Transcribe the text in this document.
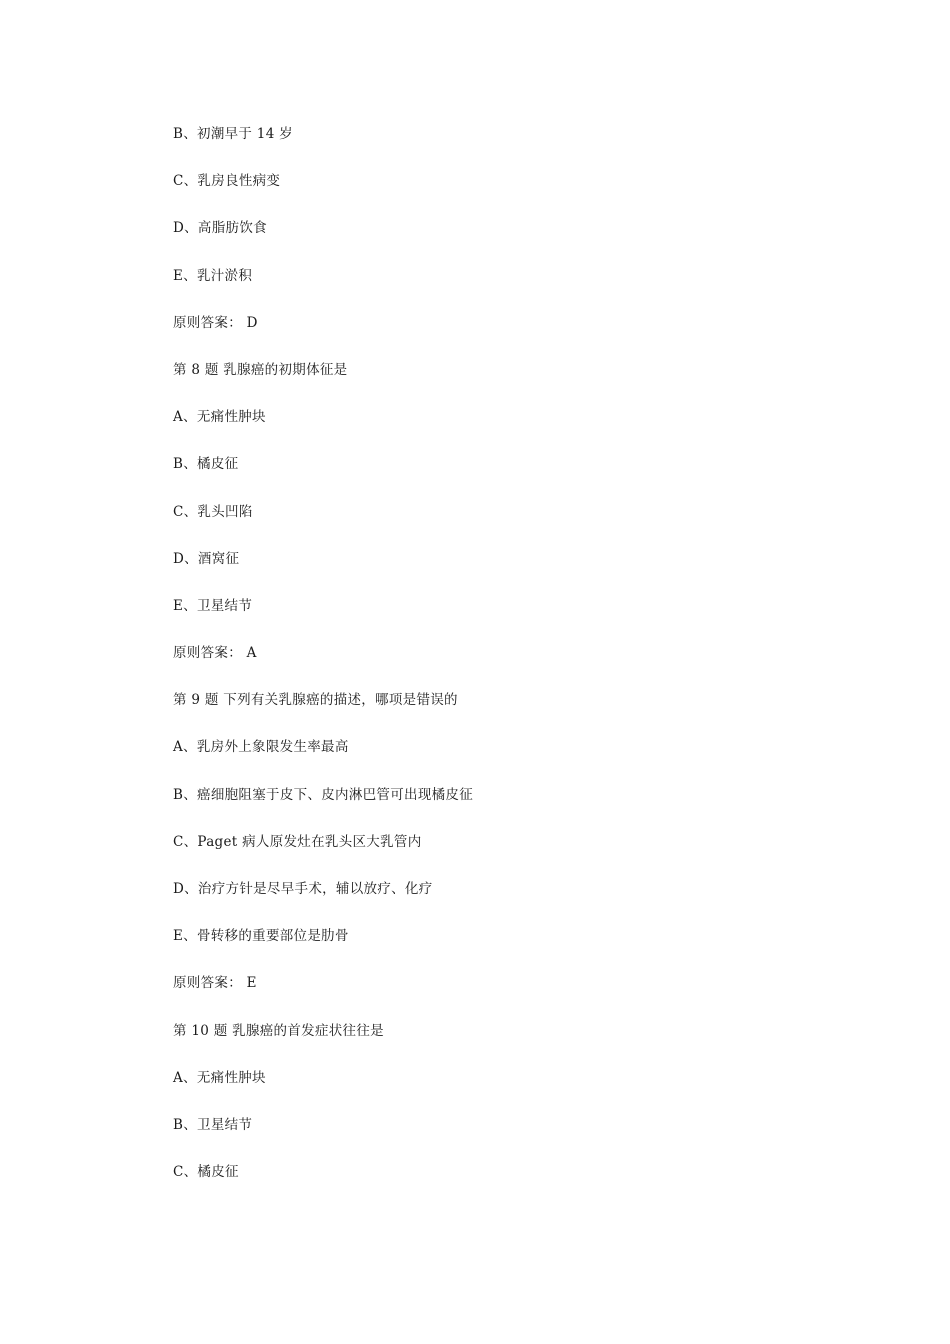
B、初潮早于 14 岁
C、乳房良性病变
D、高脂肪饮食
E、乳汁淤积
原则答案： D
第 8 题 乳腺癌的初期体征是
A、无痛性肿块
B、橘皮征
C、乳头凹陷
D、酒窝征
E、卫星结节
原则答案： A
第 9 题 下列有关乳腺癌的描述，哪项是错误的
A、乳房外上象限发生率最高
B、癌细胞阻塞于皮下、皮内淋巴管可出现橘皮征
C、Paget 病人原发灶在乳头区大乳管内
D、治疗方针是尽早手术，辅以放疗、化疗
E、骨转移的重要部位是肋骨
原则答案： E
第 10 题 乳腺癌的首发症状往往是
A、无痛性肿块
B、卫星结节
C、橘皮征
